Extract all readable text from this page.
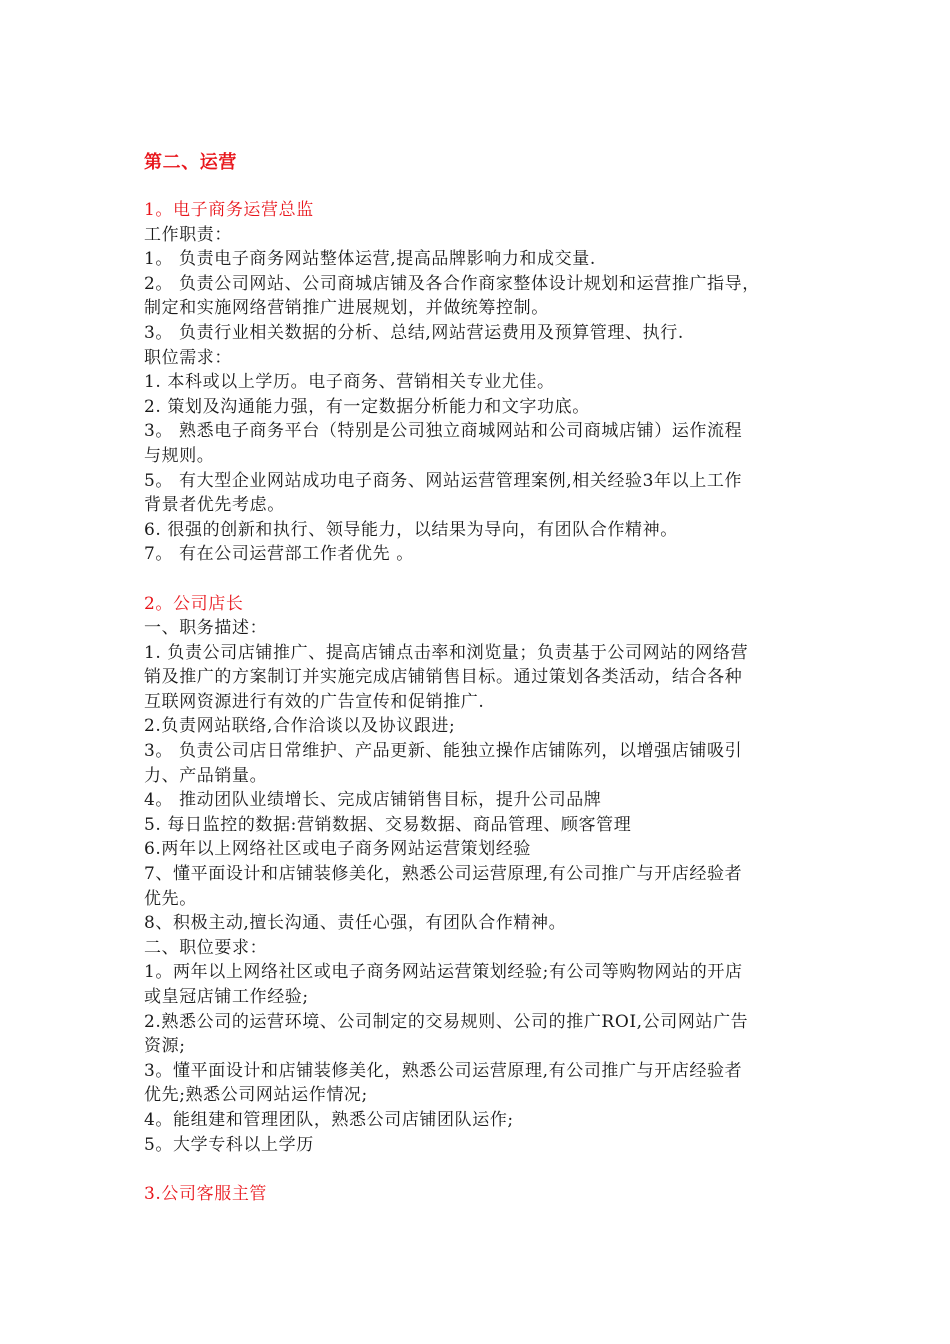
第二、运营
1。电子商务运营总监
工作职责：
1。 负责电子商务网站整体运营,提高品牌影响力和成交量.
2。 负责公司网站、公司商城店铺及各合作商家整体设计规划和运营推广指导，
制定和实施网络营销推广进展规划，并做统筹控制。
3。 负责行业相关数据的分析、总结,网站营运费用及预算管理、执行.
职位需求：
1. 本科或以上学历。电子商务、营销相关专业尤佳。
2. 策划及沟通能力强，有一定数据分析能力和文字功底。
3。 熟悉电子商务平台（特别是公司独立商城网站和公司商城店铺）运作流程
与规则。
5。 有大型企业网站成功电子商务、网站运营管理案例,相关经验3年以上工作
背景者优先考虑。
6. 很强的创新和执行、领导能力，以结果为导向，有团队合作精神。
7。 有在公司运营部工作者优先 。
2。公司店长
一、职务描述：
1. 负责公司店铺推广、提高店铺点击率和浏览量；负责基于公司网站的网络营
销及推广的方案制订并实施完成店铺销售目标。通过策划各类活动，结合各种
互联网资源进行有效的广告宣传和促销推广.
2.负责网站联络,合作洽谈以及协议跟进;
3。 负责公司店日常维护、产品更新、能独立操作店铺陈列，以增强店铺吸引
力、产品销量。
4。 推动团队业绩增长、完成店铺销售目标，提升公司品牌
5. 每日监控的数据:营销数据、交易数据、商品管理、顾客管理
6.两年以上网络社区或电子商务网站运营策划经验
7、懂平面设计和店铺装修美化，熟悉公司运营原理,有公司推广与开店经验者
优先。
8、积极主动,擅长沟通、责任心强，有团队合作精神。
二、职位要求：
1。两年以上网络社区或电子商务网站运营策划经验;有公司等购物网站的开店
或皇冠店铺工作经验;
2.熟悉公司的运营环境、公司制定的交易规则、公司的推广ROI,公司网站广告
资源;
3。懂平面设计和店铺装修美化，熟悉公司运营原理,有公司推广与开店经验者
优先;熟悉公司网站运作情况;
4。能组建和管理团队，熟悉公司店铺团队运作;
5。大学专科以上学历
3.公司客服主管
